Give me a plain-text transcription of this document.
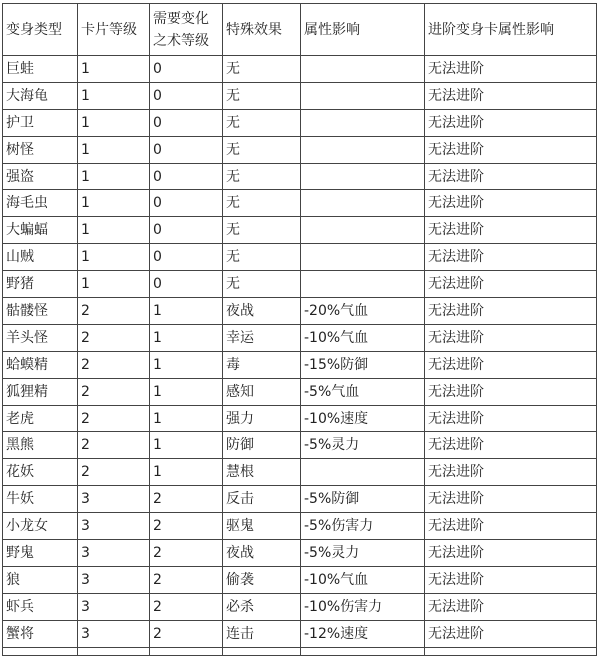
变身类型	卡片等级	需要变化之术等级	特殊效果	属性影响	进阶变身卡属性影响
巨蛙	1	0	无		无法进阶
大海龟	1	0	无		无法进阶
护卫	1	0	无		无法进阶
树怪	1	0	无		无法进阶
强盗	1	0	无		无法进阶
海毛虫	1	0	无		无法进阶
大蝙蝠	1	0	无		无法进阶
山贼	1	0	无		无法进阶
野猪	1	0	无		无法进阶
骷髅怪	2	1	夜战	-20%气血	无法进阶
羊头怪	2	1	幸运	-10%气血	无法进阶
蛤蟆精	2	1	毒	-15%防御	无法进阶
狐狸精	2	1	感知	-5%气血	无法进阶
老虎	2	1	强力	-10%速度	无法进阶
黑熊	2	1	防御	-5%灵力	无法进阶
花妖	2	1	慧根		无法进阶
牛妖	3	2	反击	-5%防御	无法进阶
小龙女	3	2	驱鬼	-5%伤害力	无法进阶
野鬼	3	2	夜战	-5%灵力	无法进阶
狼	3	2	偷袭	-10%气血	无法进阶
虾兵	3	2	必杀	-10%伤害力	无法进阶
蟹将	3	2	连击	-12%速度	无法进阶
